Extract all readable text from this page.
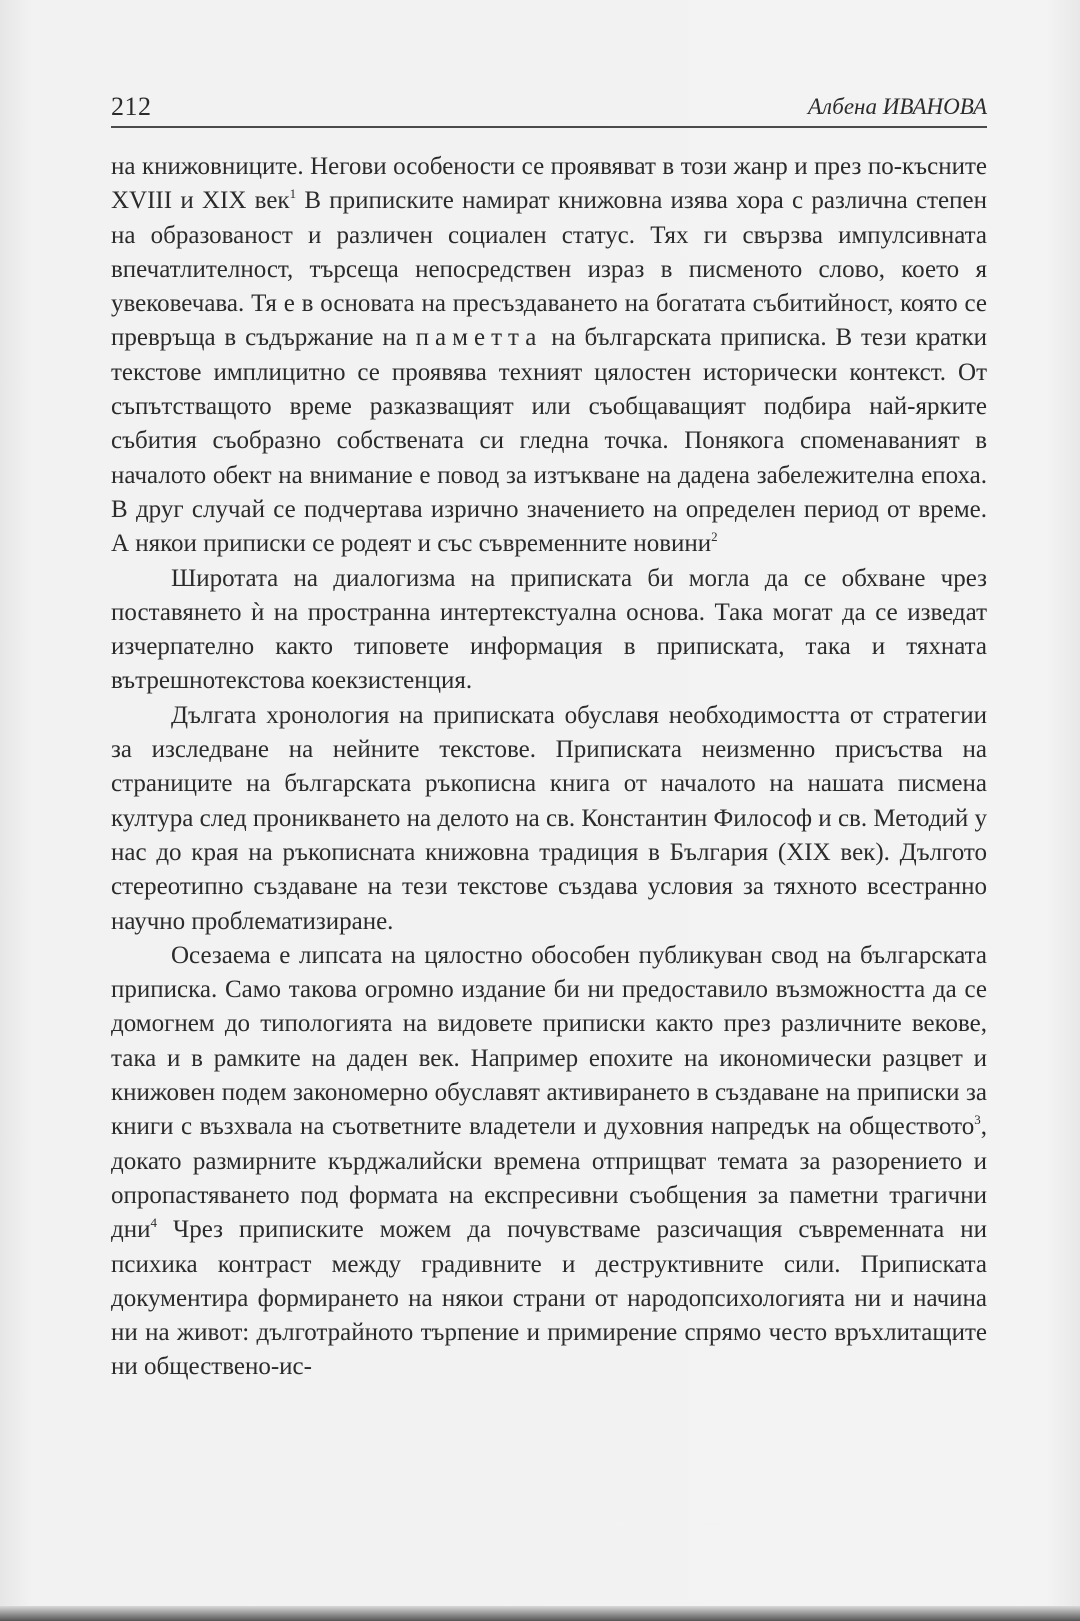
212	Албена ИВАНОВА

на книжовниците. Негови особености се проявяват в този жанр и през по-късните XVIII и XIX век$^1$ В приписките намират книжовна изява хора с различна степен на образованост и различен социален статус. Тях ги свързва импулсивната впечатлителност, търсеща непосредствен израз в писменото слово, което я увековечава. Тя е в основата на пресъздаването на богатата събитийност, която се превръща в съдържание на паметта на българската приписка. В тези кратки текстове имплицитно се проявява техният цялостен исторически контекст. От съпътстващото време разказващият или съобщаващият подбира най-ярките събития съобразно собствената си гледна точка. Понякога споменаваният в началото обект на внимание е повод за изтъкване на дадена забележителна епоха. В друг случай се подчертава изрично значението на определен период от време. А някои приписки се родеят и със съвременните новини$^2$

Широтата на диалогизма на приписката би могла да се обхване чрез поставянето ѝ на пространна интертекстуална основа. Така могат да се изведат изчерпателно както типовете информация в приписката, така и тяхната вътрешнотекстова коекзистенция.

Дългата хронология на приписката обуславя необходимостта от стратегии за изследване на нейните текстове. Приписката неизменно присъства на страниците на българската ръкописна книга от началото на нашата писмена култура след проникването на делото на св. Константин Философ и св. Методий у нас до края на ръкописната книжовна традиция в България (XIX век). Дългото стереотипно създаване на тези текстове създава условия за тяхното всестранно научно проблематизиране.

Осезаема е липсата на цялостно обособен публикуван свод на българската приписка. Само такова огромно издание би ни предоставило възможността да се домогнем до типологията на видовете приписки както през различните векове, така и в рамките на даден век. Например епохите на икономически разцвет и книжовен подем закономерно обуславят активирането в създаване на приписки за книги с възхвала на съответните владетели и духовния напредък на обществото$^3$, докато размирните кърджалийски времена отприщват темата за разорението и опропастяването под формата на експресивни съобщения за паметни трагични дни$^4$ Чрез приписките можем да почувстваме разсичащия съвременната ни психика контраст между градивните и деструктивните сили. Приписката документира формирането на някои страни от народопсихологията ни и начина ни на живот: дълготрайното търпение и примирение спрямо често връхлитащите ни обществено-ис-
